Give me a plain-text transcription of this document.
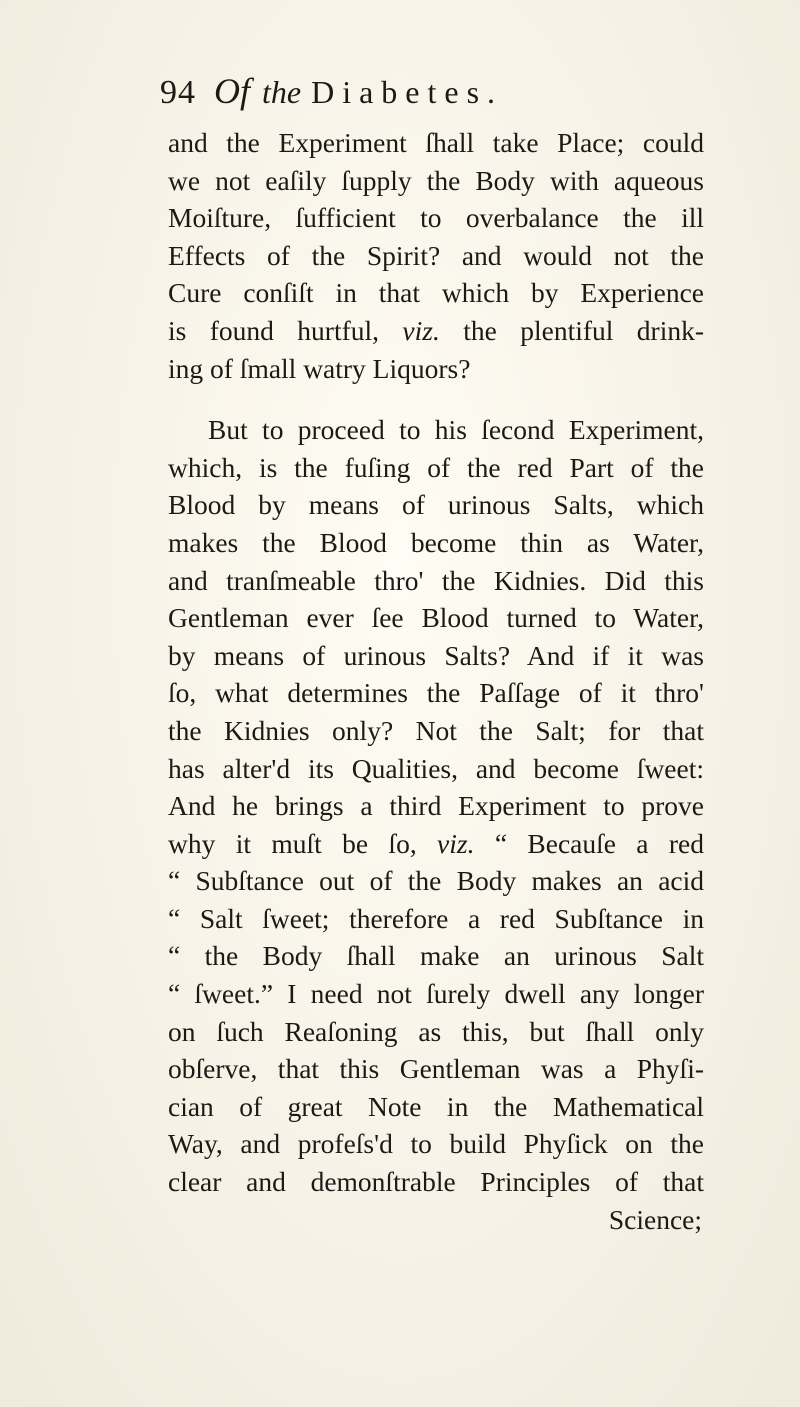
94 Of the Diabetes.
and the Experiment ſhall take Place; could
we not eaſily ſupply the Body with aqueous
Moiſture, ſufficient to overbalance the ill
Effects of the Spirit? and would not the
Cure conſiſt in that which by Experience
is found hurtful, viz. the plentiful drink-
ing of ſmall watry Liquors?
But to proceed to his ſecond Experiment,
which, is the fuſing of the red Part of the
Blood by means of urinous Salts, which
makes the Blood become thin as Water,
and tranſmeable thro' the Kidnies. Did this
Gentleman ever ſee Blood turned to Water,
by means of urinous Salts? And if it was
ſo, what determines the Paſſage of it thro'
the Kidnies only? Not the Salt; for that
has alter'd its Qualities, and become ſweet:
And he brings a third Experiment to prove
why it muſt be ſo, viz. “ Becauſe a red
“ Subſtance out of the Body makes an acid
“ Salt ſweet; therefore a red Subſtance in
“ the Body ſhall make an urinous Salt
“ ſweet.” I need not ſurely dwell any longer
on ſuch Reaſoning as this, but ſhall only
obſerve, that this Gentleman was a Phyſi-
cian of great Note in the Mathematical
Way, and profeſs'd to build Phyſick on the
clear and demonſtrable Principles of that
Science;
